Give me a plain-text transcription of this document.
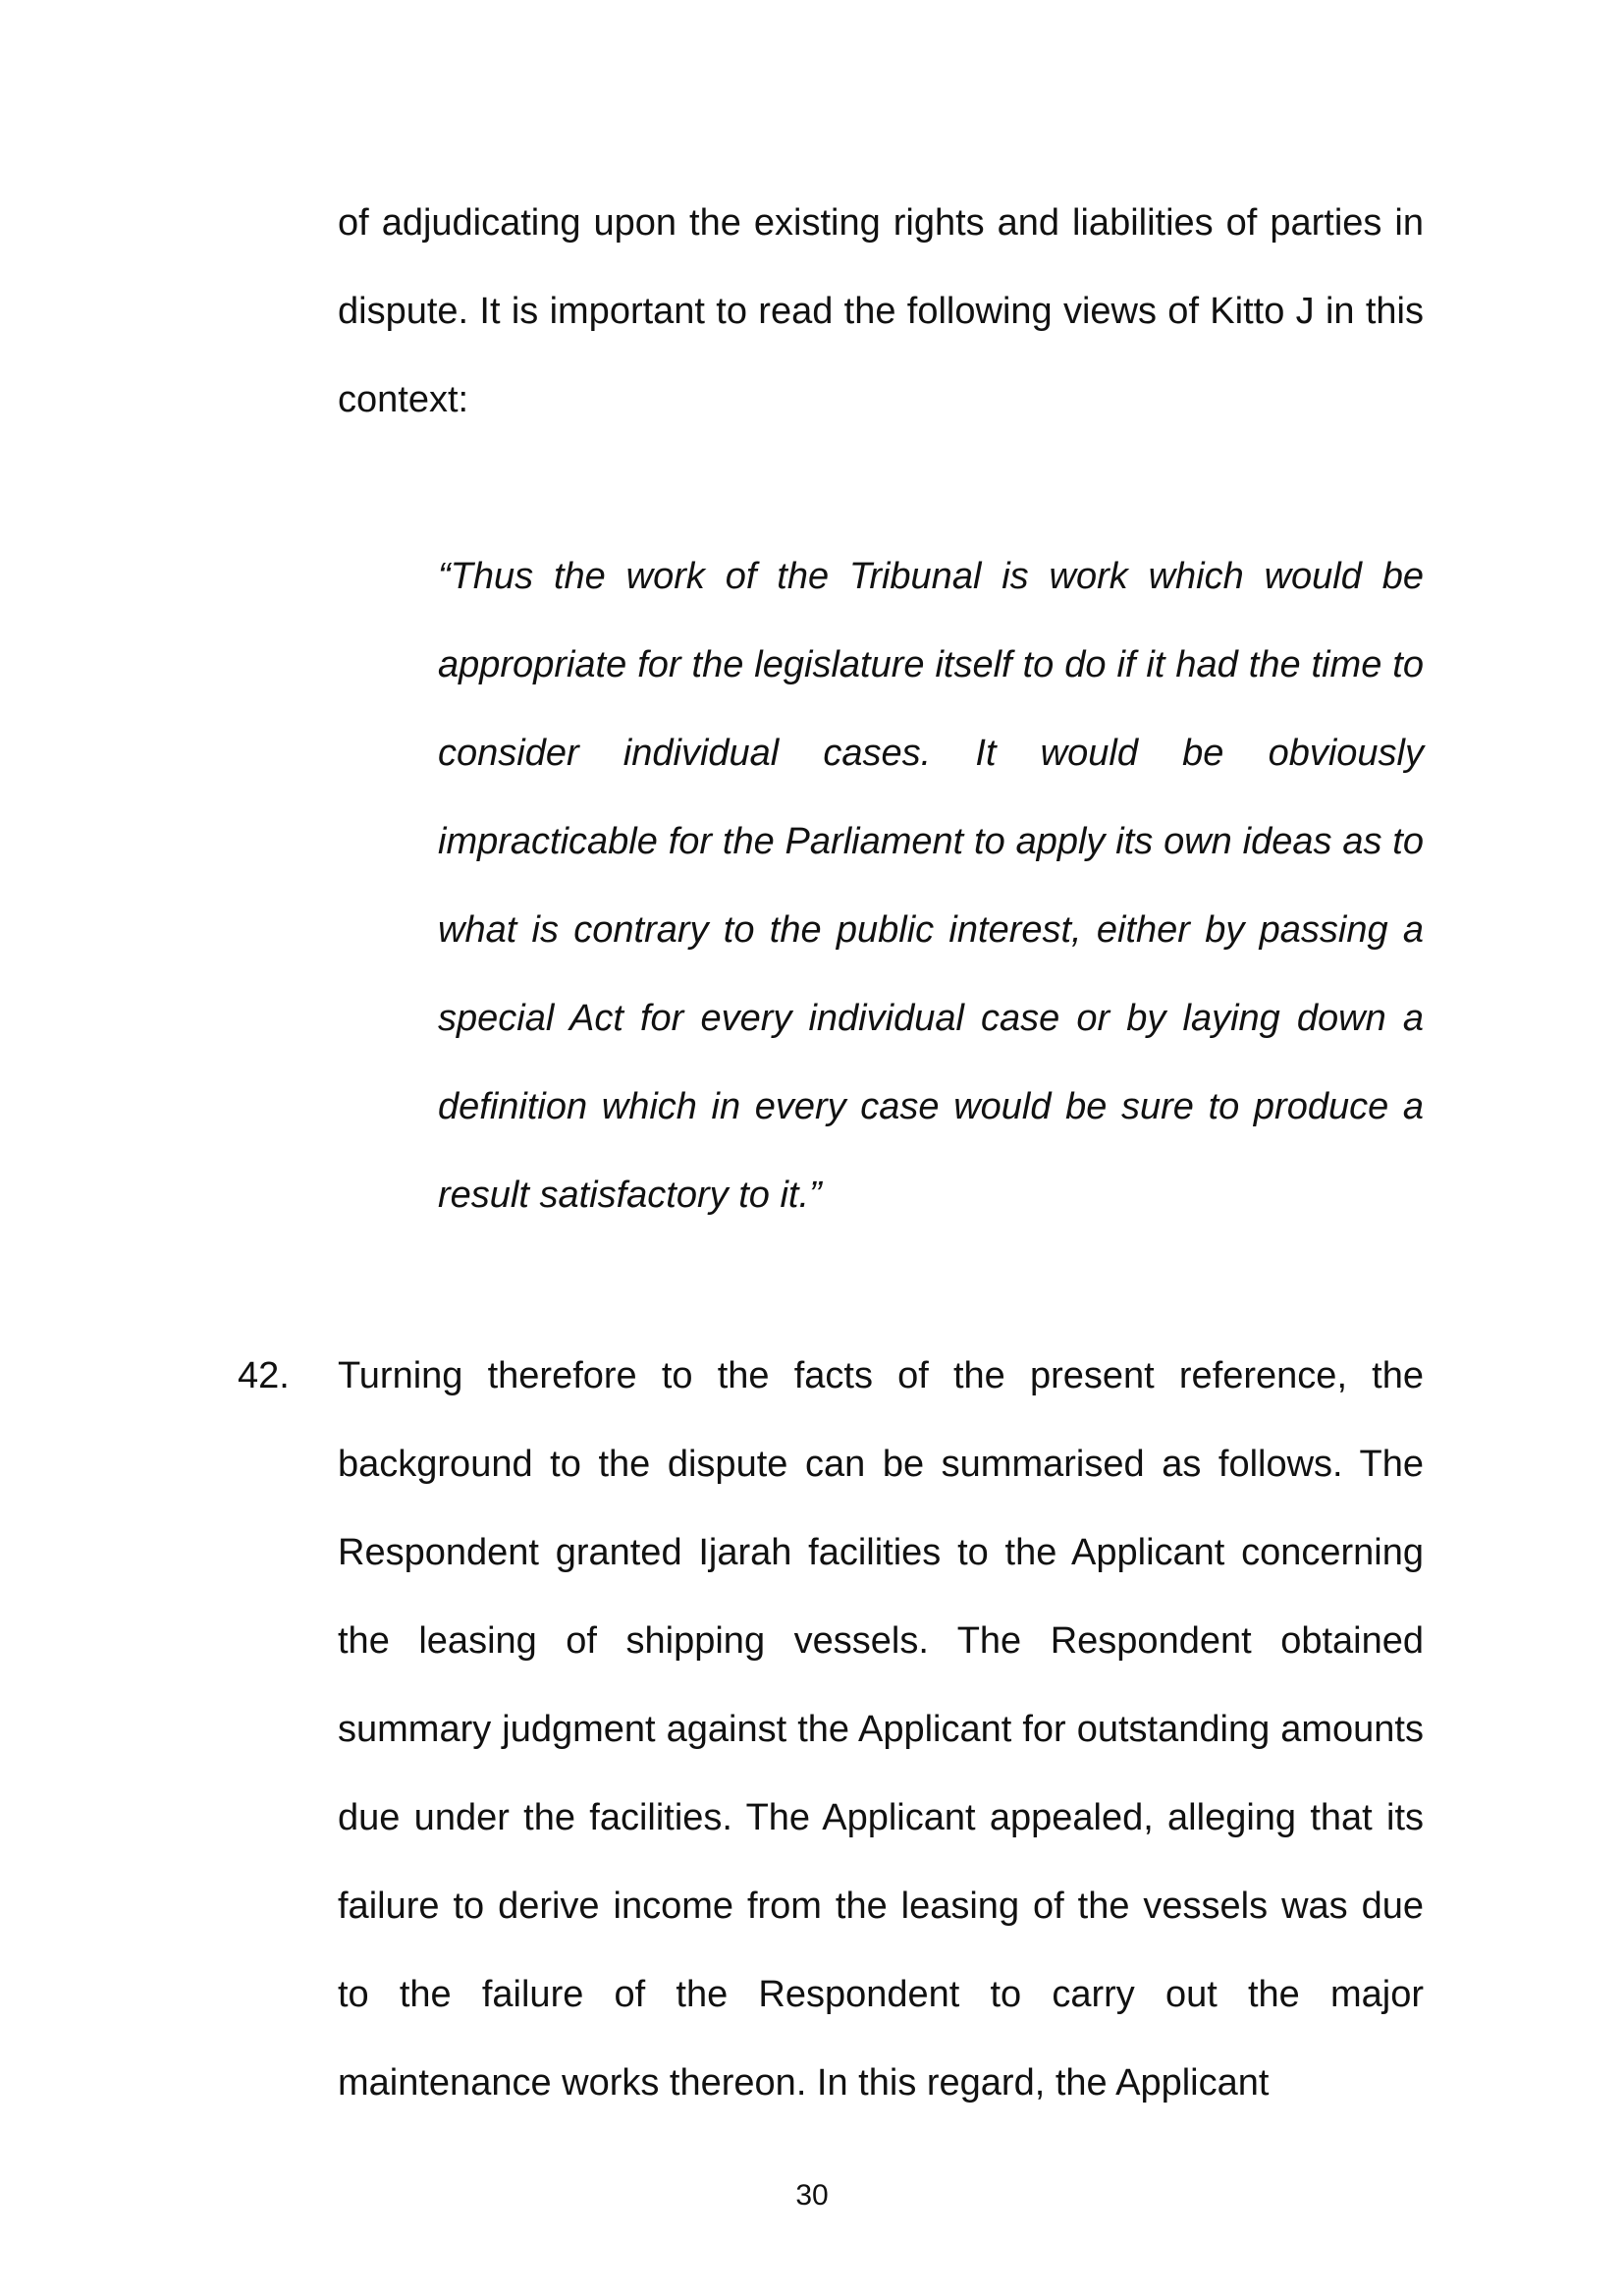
of adjudicating upon the existing rights and liabilities of parties in dispute. It is important to read the following views of Kitto J in this context:

“Thus the work of the Tribunal is work which would be appropriate for the legislature itself to do if it had the time to consider individual cases. It would be obviously impracticable for the Parliament to apply its own ideas as to what is contrary to the public interest, either by passing a special Act for every individual case or by laying down a definition which in every case would be sure to produce a result satisfactory to it.”

42. Turning therefore to the facts of the present reference, the background to the dispute can be summarised as follows. The Respondent granted Ijarah facilities to the Applicant concerning the leasing of shipping vessels. The Respondent obtained summary judgment against the Applicant for outstanding amounts due under the facilities. The Applicant appealed, alleging that its failure to derive income from the leasing of the vessels was due to the failure of the Respondent to carry out the major maintenance works thereon. In this regard, the Applicant

30
